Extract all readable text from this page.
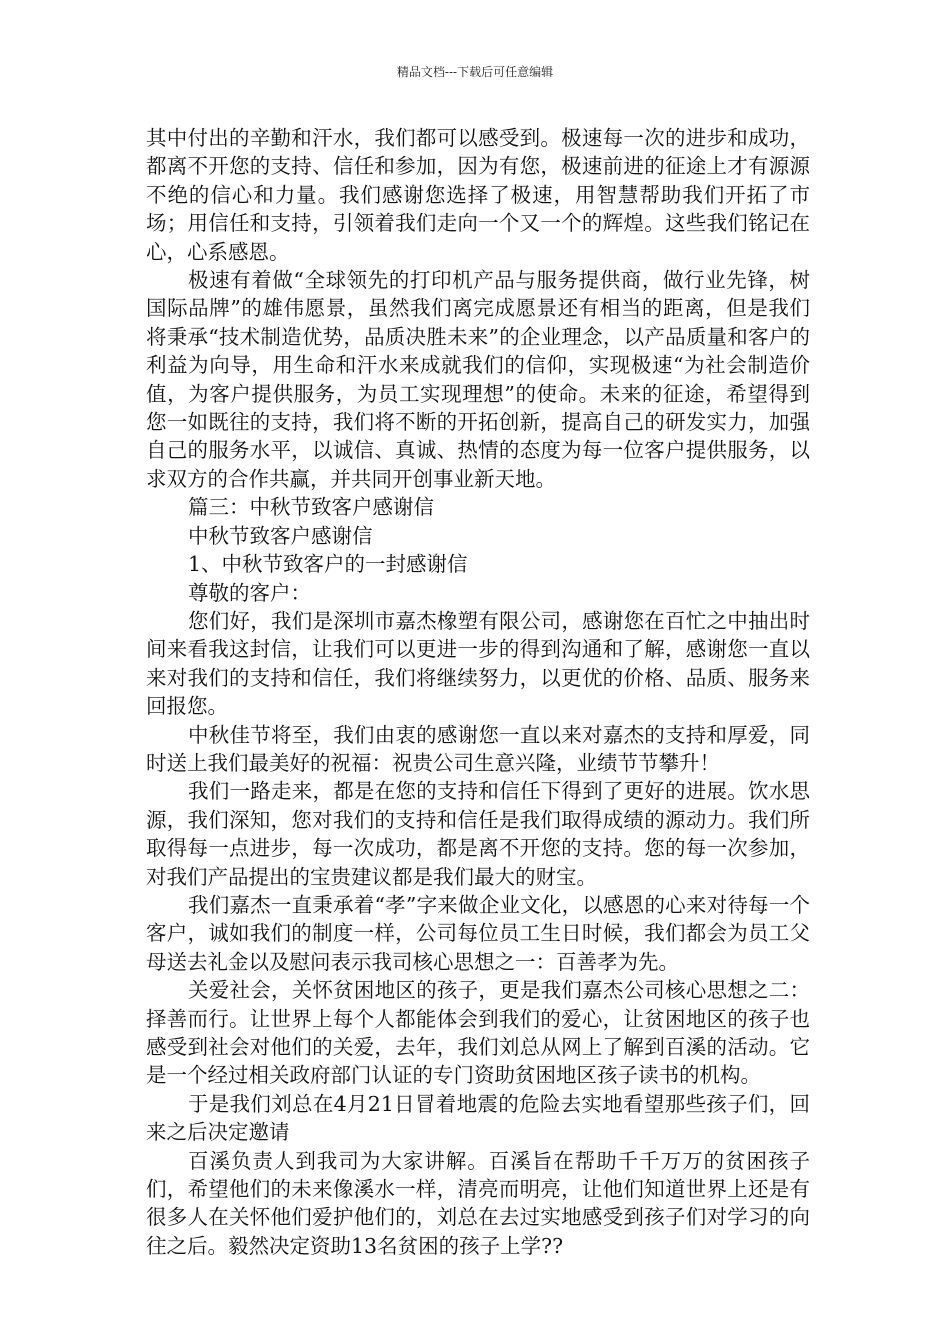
精品文档---下载后可任意编辑

其中付出的辛勤和汗水，我们都可以感受到。极速每一次的进步和成功，都离不开您的支持、信任和参加，因为有您，极速前进的征途上才有源源不绝的信心和力量。我们感谢您选择了极速，用智慧帮助我们开拓了市场；用信任和支持，引领着我们走向一个又一个的辉煌。这些我们铭记在心，心系感恩。

极速有着做“全球领先的打印机产品与服务提供商，做行业先锋，树国际品牌”的雄伟愿景，虽然我们离完成愿景还有相当的距离，但是我们将秉承“技术制造优势，品质决胜未来”的企业理念，以产品质量和客户的利益为向导，用生命和汗水来成就我们的信仰，实现极速“为社会制造价值，为客户提供服务，为员工实现理想”的使命。未来的征途，希望得到您一如既往的支持，我们将不断的开拓创新，提高自己的研发实力，加强自己的服务水平，以诚信、真诚、热情的态度为每一位客户提供服务，以求双方的合作共赢，并共同开创事业新天地。

篇三：中秋节致客户感谢信

中秋节致客户感谢信

1、中秋节致客户的一封感谢信

尊敬的客户：

您们好，我们是深圳市嘉杰橡塑有限公司，感谢您在百忙之中抽出时间来看我这封信，让我们可以更进一步的得到沟通和了解，感谢您一直以来对我们的支持和信任，我们将继续努力，以更优的价格、品质、服务来回报您。

中秋佳节将至，我们由衷的感谢您一直以来对嘉杰的支持和厚爱，同时送上我们最美好的祝福：祝贵公司生意兴隆，业绩节节攀升！

我们一路走来，都是在您的支持和信任下得到了更好的进展。饮水思源，我们深知，您对我们的支持和信任是我们取得成绩的源动力。我们所取得每一点进步，每一次成功，都是离不开您的支持。您的每一次参加，对我们产品提出的宝贵建议都是我们最大的财宝。

我们嘉杰一直秉承着“孝”字来做企业文化，以感恩的心来对待每一个客户，诚如我们的制度一样，公司每位员工生日时候，我们都会为员工父母送去礼金以及慰问表示我司核心思想之一：百善孝为先。

关爱社会，关怀贫困地区的孩子，更是我们嘉杰公司核心思想之二：择善而行。让世界上每个人都能体会到我们的爱心，让贫困地区的孩子也感受到社会对他们的关爱，去年，我们刘总从网上了解到百溪的活动。它是一个经过相关政府部门认证的专门资助贫困地区孩子读书的机构。

于是我们刘总在4月21日冒着地震的危险去实地看望那些孩子们，回来之后决定邀请

百溪负责人到我司为大家讲解。百溪旨在帮助千千万万的贫困孩子们，希望他们的未来像溪水一样，清亮而明亮，让他们知道世界上还是有很多人在关怀他们爱护他们的，刘总在去过实地感受到孩子们对学习的向往之后。毅然决定资助13名贫困的孩子上学??
